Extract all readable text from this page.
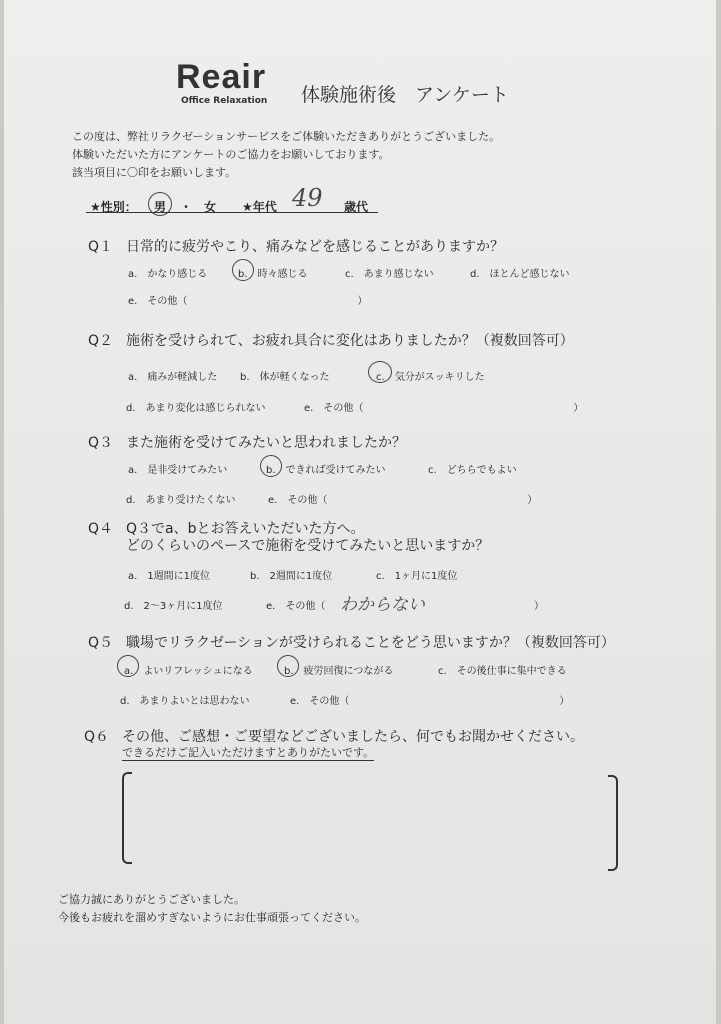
Reair
Office Relaxation 体験施術後　アンケート
この度は、弊社リラクゼーションサービスをご体験いただきありがとうございました。
体験いただいた方にアンケートのご協力をお願いしております。
該当項目に〇印をお願いします。
★性別： 男 ・ 女 ★年代 49 歳代
Q１ 日常的に疲労やこり、痛みなどを感じることがありますか？
a.　 かなり感じる	b.　 時々感じる	c.　 あまり感じない	d.　 ほとんど感じない
e.　 その他（　　　　　　　　　　　　　　　　　）
Q２ 施術を受けられて、お疲れ具合に変化はありましたか？（複数回答可）
a.　 痛みが軽減した b.　 体が軽くなった	c.　 気分がスッキリした
d.　 あまり変化は感じられない	e.　 その他（　　　　　　　　　　　　　　　　　　　　　）
Q３ また施術を受けてみたいと思われましたか？
a.　 是非受けてみたい	b.　 できれば受けてみたい	c.　 どちらでもよい
d.　 あまり受けたくない	e.　 その他（　　　　　　　　　　　　　　　　　　　　）
Q４ Q３でa、bとお答えいただいた方へ。
どのくらいのペースで施術を受けてみたいと思いますか？
a.　 1週間に1度位	b.　 2週間に1度位	c.　 1ヶ月に1度位
d.　 2～3ヶ月に1度位	e.　 その他（ わからない	）
Q５ 職場でリラクゼーションが受けられることをどう思いますか？（複数回答可）
a.　 よいリフレッシュになる	b.　 疲労回復につながる	c.　 その後仕事に集中できる
d.　 あまりよいとは思わない	e.　 その他（　　　　　　　　　　　　　　　　　　　　　）
Q６ その他、ご感想・ご要望などございましたら、何でもお聞かせください。
できるだけご記入いただけますとありがたいです。
ご協力誠にありがとうございました。
今後もお疲れを溜めすぎないようにお仕事頑張ってください。
